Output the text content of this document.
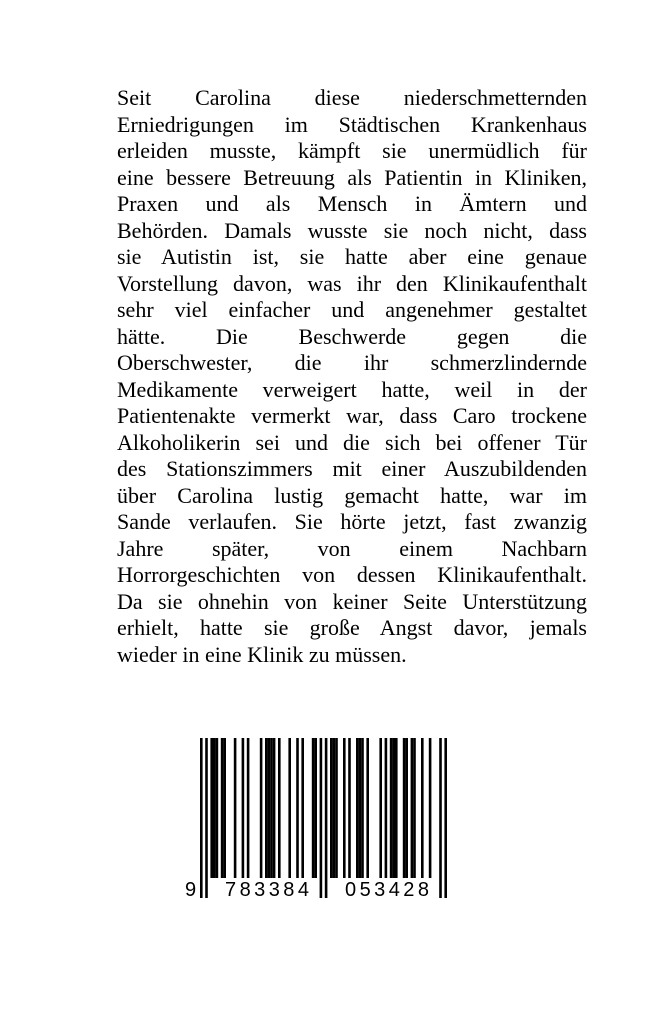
Seit Carolina diese niederschmetternden
Erniedrigungen im Städtischen Krankenhaus
erleiden musste, kämpft sie unermüdlich für
eine bessere Betreuung als Patientin in Kliniken,
Praxen und als Mensch in Ämtern und
Behörden. Damals wusste sie noch nicht, dass
sie Autistin ist, sie hatte aber eine genaue
Vorstellung davon, was ihr den Klinikaufenthalt
sehr viel einfacher und angenehmer gestaltet
hätte. Die Beschwerde gegen die
Oberschwester, die ihr schmerzlindernde
Medikamente verweigert hatte, weil in der
Patientenakte vermerkt war, dass Caro trockene
Alkoholikerin sei und die sich bei offener Tür
des Stationszimmers mit einer Auszubildenden
über Carolina lustig gemacht hatte, war im
Sande verlaufen. Sie hörte jetzt, fast zwanzig
Jahre später, von einem Nachbarn
Horrorgeschichten von dessen Klinikaufenthalt.
Da sie ohnehin von keiner Seite Unterstützung
erhielt, hatte sie große Angst davor, jemals
wieder in eine Klinik zu müssen.
9 783384 053428
